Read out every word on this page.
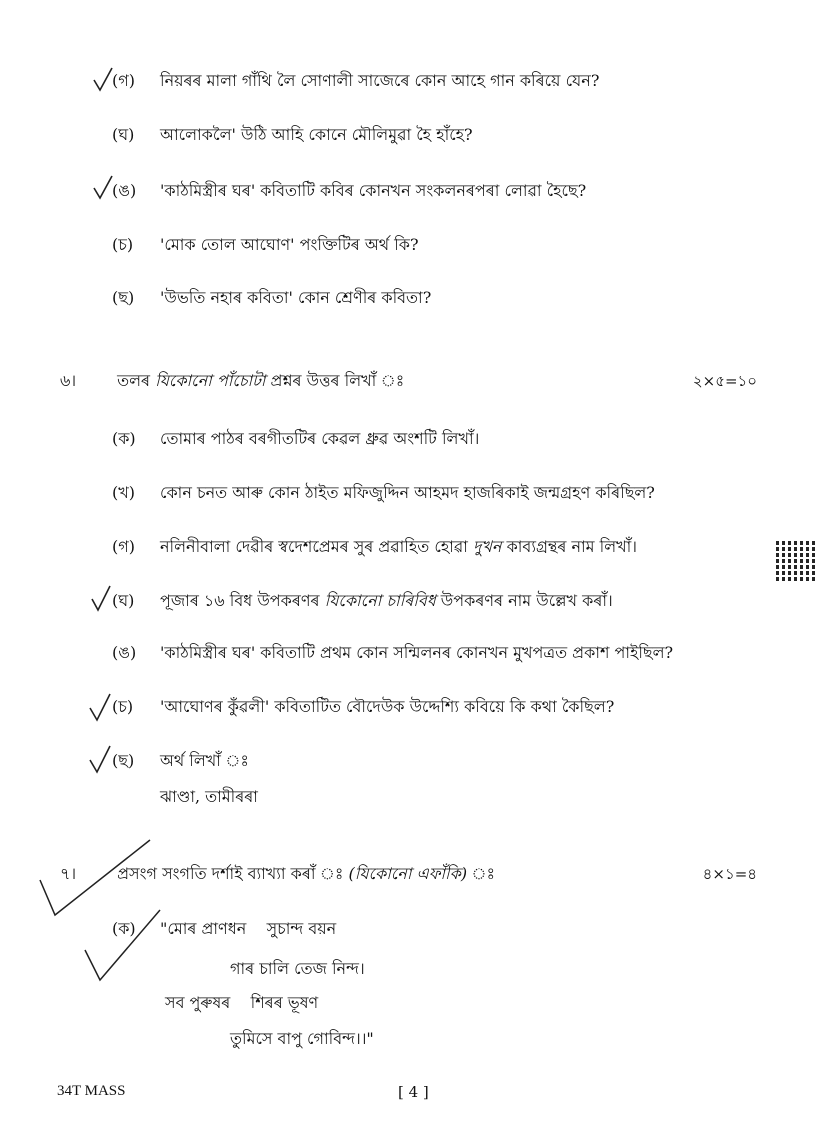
(গ) নিয়ৰৰ মালা গাঁথি লৈ সোণালী সাজেৰে কোন আহে গান কৰিয়ে যেন?
(ঘ) আলোকলৈ' উঠি আহি কোনে মৌলিমুৱা হৈ হাঁহে?
(ঙ) 'কাঠমিস্ত্রীৰ ঘৰ' কবিতাটি কবিৰ কোনখন সংকলনৰপৰা লোৱা হৈছে?
(চ) 'মোক তোল আঘোণ' পংক্তিটিৰ অৰ্থ কি?
(ছ) 'উভতি নহাৰ কবিতা' কোন শ্ৰেণীৰ কবিতা?
৬।	তলৰ যিকোনো পাঁচোটা প্ৰশ্নৰ উত্তৰ লিখাঁ ঃ	২×৫=১০
(ক) তোমাৰ পাঠৰ বৰগীতটিৰ কেৱল ধ্ৰুৱ অংশটি লিখাঁ।
(খ) কোন চনত আৰু কোন ঠাইত মফিজুদ্দিন আহমদ হাজৰিকাই জন্মগ্ৰহণ কৰিছিল?
(গ) নলিনীবালা দেৱীৰ স্বদেশপ্ৰেমৰ সুৰ প্ৰৱাহিত হোৱা দুখন কাব্যগ্ৰন্থৰ নাম লিখাঁ।
(ঘ) পূজাৰ ১৬ বিধ উপকৰণৰ যিকোনো চাৰিবিধ উপকৰণৰ নাম উল্লেখ কৰাঁ।
(ঙ) 'কাঠমিস্ত্রীৰ ঘৰ' কবিতাটি প্ৰথম কোন সন্মিলনৰ কোনখন মুখপত্ৰত প্ৰকাশ পাইছিল?
(চ) 'আঘোণৰ কুঁৱলী' কবিতাটিত বৌদেউক উদ্দেশ্যি কবিয়ে কি কথা কৈছিল?
(ছ) অৰ্থ লিখাঁ ঃ
ঝাণ্ডা, তামীৰৰা
৭।	প্ৰসংগ সংগতি দৰ্শাই ব্যাখ্যা কৰাঁ ঃ (যিকোনো এফাঁকি)	৪×১=৪
(ক) "মোৰ প্ৰাণধন    সুচান্দ বয়ন
গাৰ চালি তেজ নিন্দ।
সব পুৰুষৰ    শিৰৰ ভূষণ
তুমিসে বাপু গোবিন্দ।।"
34T MASS	[ 4 ]
